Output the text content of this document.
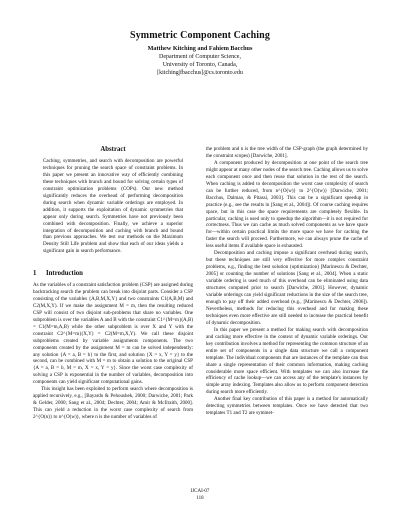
Symmetric Component Caching
Matthew Kitching and Fahiem Bacchus
Department of Computer Science,
University of Toronto, Canada,
[kitching|fbacchus]@cs.toronto.edu
Abstract

Caching, symmetries, and search with decomposition are powerful techniques for pruning the search space of constraint problems. In this paper we present an innovative way of efficiently combining these techniques with branch and bound for solving certain types of constraint optimization problems (COPs). Our new method significantly reduces the overhead of performing decomposition during search when dynamic variable orderings are employed. In addition, it supports the exploitation of dynamic symmetries that appear only during search. Symmetries have not previously been combined with decomposition. Finally, we achieve a superior integration of decomposition and caching with branch and bound than previous approaches. We test our methods on the Maximum Density Still Life problem and show that each of our ideas yields a significant gain in search performance.

1 Introduction

As the variables of a constraint satisfaction problem (CSP) are assigned during backtracking search the problem can break into disjoint parts. Consider a CSP consisting of the variables {A,B,M,X,Y} and two constraints C1(A,B,M) and C2(M,X,Y). If we make the assignment M = m, then the resulting reduced CSP will consist of two disjoint sub-problems that share no variables. One subproblem is over the variables A and B with the constraint C1^{M=m}(A,B) = C1(M=m,A,B) while the other subproblem is over X and Y with the constraint C2^{M=m}(X,Y) = C2(M=m,X,Y). We call these disjoint subproblems created by variable assignments components. The two components created by the assignment M = m can be solved independently: any solution {A = a, B = b} to the first, and solution {X = x, Y = y} to the second, can be combined with M = m to obtain a solution to the original CSP {A = a, B = b, M = m, X = x, Y = y}. Since the worst case complexity of solving a CSP is exponential in the number of variables, decomposition into components can yield significant computational gains.

This insight has been exploited to perform search where decomposition is applied recursively, e.g., [Bayardo & Pehoushek, 2000; Darwiche, 2001; Park & Gelder, 2000; Sang et al., 2004; Dechter, 2004; Amir & McIlraith, 2000]. This can yield a reduction in the worst case complexity of search from 2^{O(n)} to n^{O(w)}, where n is the number of variables of

the problem and n is the tree width of the CSP-graph (the graph determined by the constraint scopes) [Darwiche, 2001].

A component produced by decomposition at one point of the search tree might appear at many other nodes of the search tree. Caching allows us to solve each component once and then reuse that solution in the rest of the search. When caching is added to decomposition the worst case complexity of search can be further reduced, from n^{O(w)} to 2^{O(w)} [Darwiche, 2001; Bacchus, Dalmao, & Pitassi, 2003]. This can be a significant speedup in practice (e.g., see the results in [Sang et al., 2004]). Of course caching requires space, but in this case the space requirements are completely flexible. In particular, caching is used only to speedup the algorithm—it is not required for correctness. Thus we can cache as much solved components as we have space for—within certain practical limits the more space we have for caching the faster the search will proceed. Furthermore, we can always prune the cache of less useful items if available space is exhausted.

Decomposition and caching impose a significant overhead during search, but these techniques are still very effective for more complex constraint problems, e.g., finding the best solution (optimization) [Marinescu & Dechter, 2005] or counting the number of solutions [Sang et al., 2004]. When a static variable ordering is used much of this overhead can be eliminated using data structures computed prior to search [Darwiche, 2001]. However, dynamic variable orderings can yield significant reductions in the size of the search tree, enough to pay off their added overhead (e.g., [Marinescu & Dechter, 2006]). Nevertheless, methods for reducing this overhead and for making these techniques even more effective are still needed to increase the practical benefit of dynamic decomposition.

In this paper we present a method for making search with decomposition and caching more effective in the context of dynamic variable orderings. Our key contribution involves a method for representing the common structure of an entire set of components in a single data structure we call a component template. The individual components that are instances of the template can thus share a single representation of their common information, making caching considerable more space efficient. With templates we can also increase the efficiency of cache lookup—we can access any of the template's instances by simple array indexing. Templates also allow us to perform component detection during search more efficiently.

Another final key contribution of this paper is a method for automatically detecting symmetries between templates. Once we have detected that two templates T1 and T2 are symmet-

IJCAI-07
118
